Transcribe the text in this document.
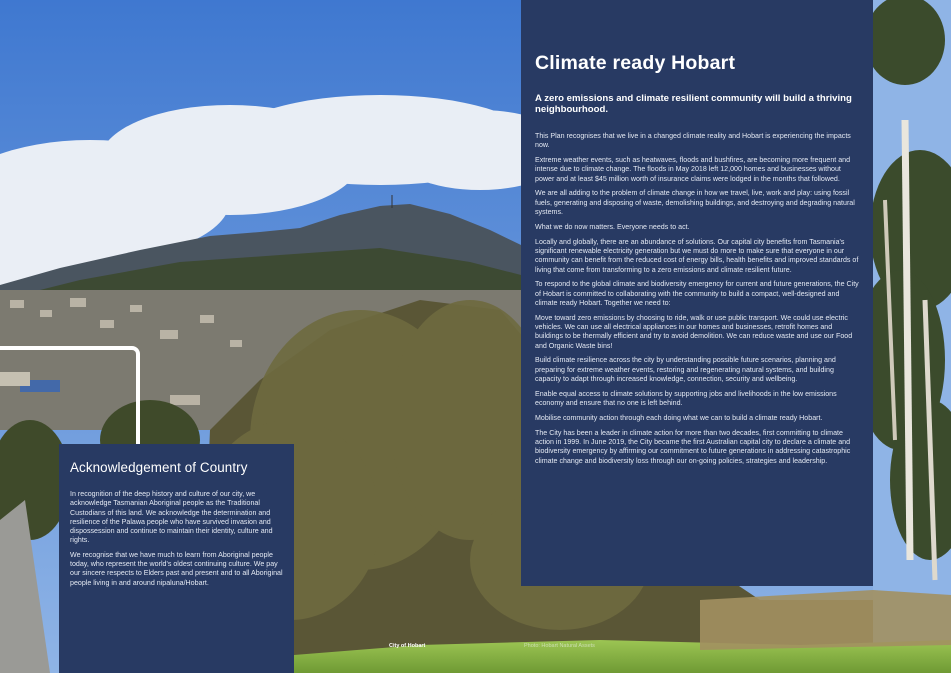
Climate ready Hobart
A zero emissions and climate resilient community will build a thriving neighbourhood.

This Plan recognises that we live in a changed climate reality and Hobart is experiencing the impacts now.

Extreme weather events, such as heatwaves, floods and bushfires, are becoming more frequent and intense due to climate change. The floods in May 2018 left 12,000 homes and businesses without power and at least $45 million worth of insurance claims were lodged in the months that followed.

We are all adding to the problem of climate change in how we travel, live, work and play: using fossil fuels, generating and disposing of waste, demolishing buildings, and destroying and degrading natural systems.

What we do now matters. Everyone needs to act.

Locally and globally, there are an abundance of solutions. Our capital city benefits from Tasmania's significant renewable electricity generation but we must do more to make sure that everyone in our community can benefit from the reduced cost of energy bills, health benefits and improved standards of living that come from transforming to a zero emissions and climate resilient future.

To respond to the global climate and biodiversity emergency for current and future generations, the City of Hobart is committed to collaborating with the community to build a compact, well-designed and climate ready Hobart. Together we need to:

Move toward zero emissions by choosing to ride, walk or use public transport. We could use electric vehicles. We can use all electrical appliances in our homes and businesses, retrofit homes and buildings to be thermally efficient and try to avoid demolition. We can reduce waste and use our Food and Organic Waste bins!

Build climate resilience across the city by understanding possible future scenarios, planning and preparing for extreme weather events, restoring and regenerating natural systems, and building capacity to adapt through increased knowledge, connection, security and wellbeing.

Enable equal access to climate solutions by supporting jobs and livelihoods in the low emissions economy and ensure that no one is left behind.

Mobilise community action through each doing what we can to build a climate ready Hobart.

The City has been a leader in climate action for more than two decades, first committing to climate action in 1999. In June 2019, the City became the first Australian capital city to declare a climate and biodiversity emergency by affirming our commitment to future generations in addressing catastrophic climate change and biodiversity loss through our on-going policies, strategies and leadership.

Acknowledgement of Country

In recognition of the deep history and culture of our city, we acknowledge Tasmanian Aboriginal people as the Traditional Custodians of this land. We acknowledge the determination and resilience of the Palawa people who have survived invasion and dispossession and continue to maintain their identity, culture and rights.

We recognise that we have much to learn from Aboriginal people today, who represent the world's oldest continuing culture. We pay our sincere respects to Elders past and present and to all Aboriginal people living in and around nipaluna/Hobart.

City of Hobart	Photo: Hobart Natural Assets
